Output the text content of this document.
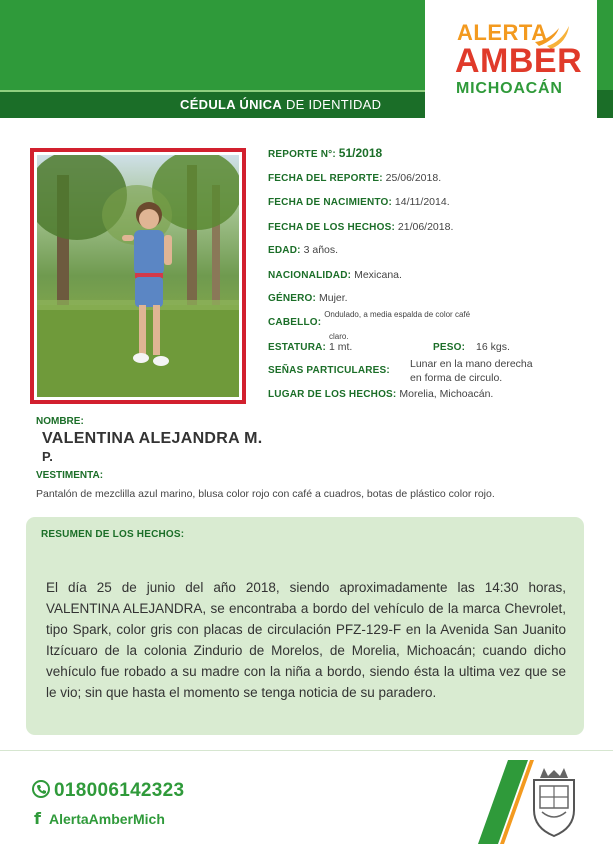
CÉDULA ÚNICA DE IDENTIDAD
ALERTA
AMBER
MICHOACÁN
REPORTE N°: 51/2018
FECHA DEL REPORTE: 25/06/2018.
FECHA DE NACIMIENTO: 14/11/2014.
FECHA DE LOS HECHOS: 21/06/2018.
EDAD: 3 años.
NACIONALIDAD: Mexicana.
GÉNERO: Mujer.
CABELLO: Ondulado, a media espalda de color café
claro.
ESTATURA: 1 mt.	PESO: 16 kgs.
SEÑAS PARTICULARES:
Lunar en la mano derecha
en forma de circulo.
LUGAR DE LOS HECHOS: Morelia, Michoacán.
NOMBRE:
VALENTINA ALEJANDRA M.
P.
VESTIMENTA:
Pantalón de mezclilla azul marino, blusa color rojo con café a cuadros, botas de plástico color rojo.
RESUMEN DE LOS HECHOS:
El día 25 de junio del año 2018, siendo aproximadamente las 14:30 horas, VALENTINA ALEJANDRA, se encontraba a bordo del vehículo de la marca Chevrolet, tipo Spark, color gris con placas de circulación PFZ-129-F en la Avenida San Juanito Itzícuaro de la colonia Zindurio de Morelos, de Morelia, Michoacán; cuando dicho vehículo fue robado a su madre con la niña a bordo, siendo ésta la ultima vez que se le vio; sin que hasta el momento se tenga noticia de su paradero.
018006142323
f AlertaAmberMich
